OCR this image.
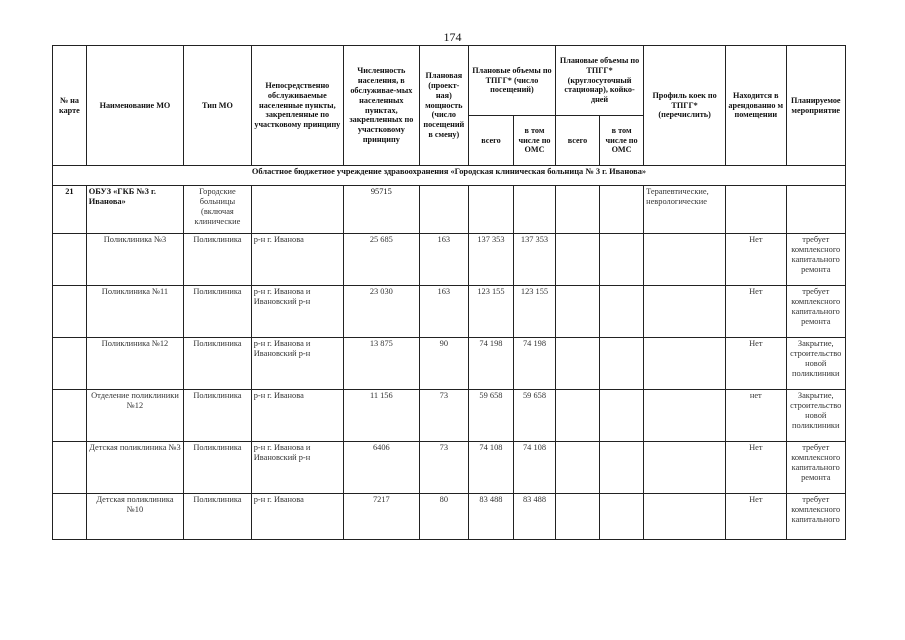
174
№ на карте	Наименование МО	Тип МО	Непосредственно обслуживаемые населенные пункты, закрепленные по участковому принципу	Численность населения, в обслуживае-мых населенных пунктах, закрепленных по участковому принципу	Плановая (проект-ная) мощность (число посещений в смену)	Плановые объемы по ТПГГ* (число посещений)		Плановые объемы по ТПГГ* (круглосуточный стационар), койко-дней		Профиль коек по ТПГГ* (перечислить)	Находится в арендованно м помещении	Планируемое мероприятие
						всего	в том числе по ОМС	всего	в том числе по ОМС			
Областное бюджетное учреждение здравоохранения «Городская клиническая больница № 3 г. Иванова»												
21	ОБУЗ «ГКБ №3 г. Иванова»	Городские больницы (включая клинические		95715						Терапевтические, неврологические		
	Поликлиника №3	Поликлиника	р-н г. Иванова	25 685	163	137 353	137 353				Нет	требует комплексного капитального ремонта
	Поликлиника №11	Поликлиника	р-н г. Иванова и Ивановский р-н	23 030	163	123 155	123 155				Нет	требует комплексного капитального ремонта
	Поликлиника №12	Поликлиника	р-н г. Иванова и Ивановский р-н	13 875	90	74 198	74 198				Нет	Закрытие, строительство новой поликлиники
	Отделение поликлиники №12	Поликлиника	р-н г. Иванова	11 156	73	59 658	59 658				нет	Закрытие, строительство новой поликлиники
	Детская поликлиника №3	Поликлиника	р-н г. Иванова и Ивановский р-н	6406	73	74 108	74 108				Нет	требует комплексного капитального ремонта
	Детская поликлиника №10	Поликлиника	р-н г. Иванова	7217	80	83 488	83 488				Нет	требует комплексного капитального
